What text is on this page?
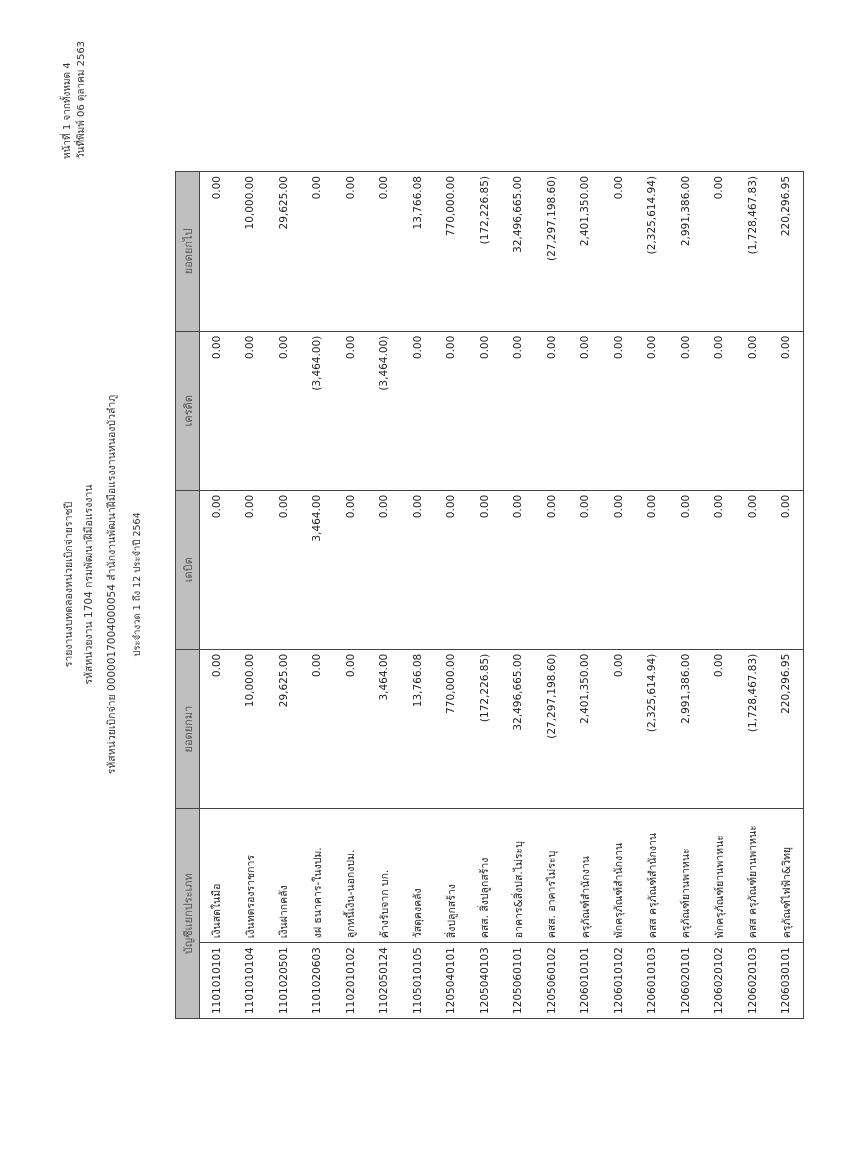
รายงานงบทดลองหน่วยเบิกจ่ายราชปี รหัสหน่วยงาน 1704 กรมพัฒนาฝีมือแรงงาน รหัสหน่วยเบิกจ่าย 0000017004000054 สำนักงานพัฒนาฝีมือแรงงานหนองบัวลำภู ประจำงวด 1 ถึง 12 ประจำปี 2564
หน้าที่ 1 จากทั้งหมด 4 วันที่พิมพ์ 06 ตุลาคม 2563
บัญชีแยกประเภท		ยอดยกมา	เดบิต	เครดิต	ยอดยกไป
1101010101	เงินสดในมือ	0.00	0.00	0.00	0.00
1101010104	เงินทดรองราชการ	10,000.00	0.00	0.00	10,000.00
1101020501	เงินฝากคลัง	29,625.00	0.00	0.00	29,625.00
1101020603	งฝ ธนาคาร-ในงปม.	0.00	3,464.00	(3,464.00)	0.00
1102010102	ลูกหนี้เงิน-นอกงปม.	0.00	0.00	0.00	0.00
1102050124	ค้างรับจาก บก.	3,464.00	0.00	(3,464.00)	0.00
1105010105	วัสดุคงคลัง	13,766.08	0.00	0.00	13,766.08
1205040101	สิ่งปลูกสร้าง	770,000.00	0.00	0.00	770,000.00
1205040103	คสส. สิ่งปลูกสร้าง	(172,226.85)	0.00	0.00	(172,226.85)
1205060101	อาคาร&สิ่งปส.ไม่ระบุ	32,496,665.00	0.00	0.00	32,496,665.00
1205060102	คสส. อาคารไม่ระบุ	(27,297,198.60)	0.00	0.00	(27,297,198.60)
1206010101	ครุภัณฑ์สำนักงาน	2,401,350.00	0.00	0.00	2,401,350.00
1206010102	พักครุภัณฑ์สำนักงาน	0.00	0.00	0.00	0.00
1206010103	คสส ครุภัณฑ์สำนักงาน	(2,325,614.94)	0.00	0.00	(2,325,614.94)
1206020101	ครุภัณฑ์ยานพาหนะ	2,991,386.00	0.00	0.00	2,991,386.00
1206020102	พักครุภัณฑ์ยานพาหนะ	0.00	0.00	0.00	0.00
1206020103	คสส ครุภัณฑ์ยานพาหนะ	(1,728,467.83)	0.00	0.00	(1,728,467.83)
1206030101	ครุภัณฑ์ไฟฟ้า&วิทยุ	220,296.95	0.00	0.00	220,296.95
